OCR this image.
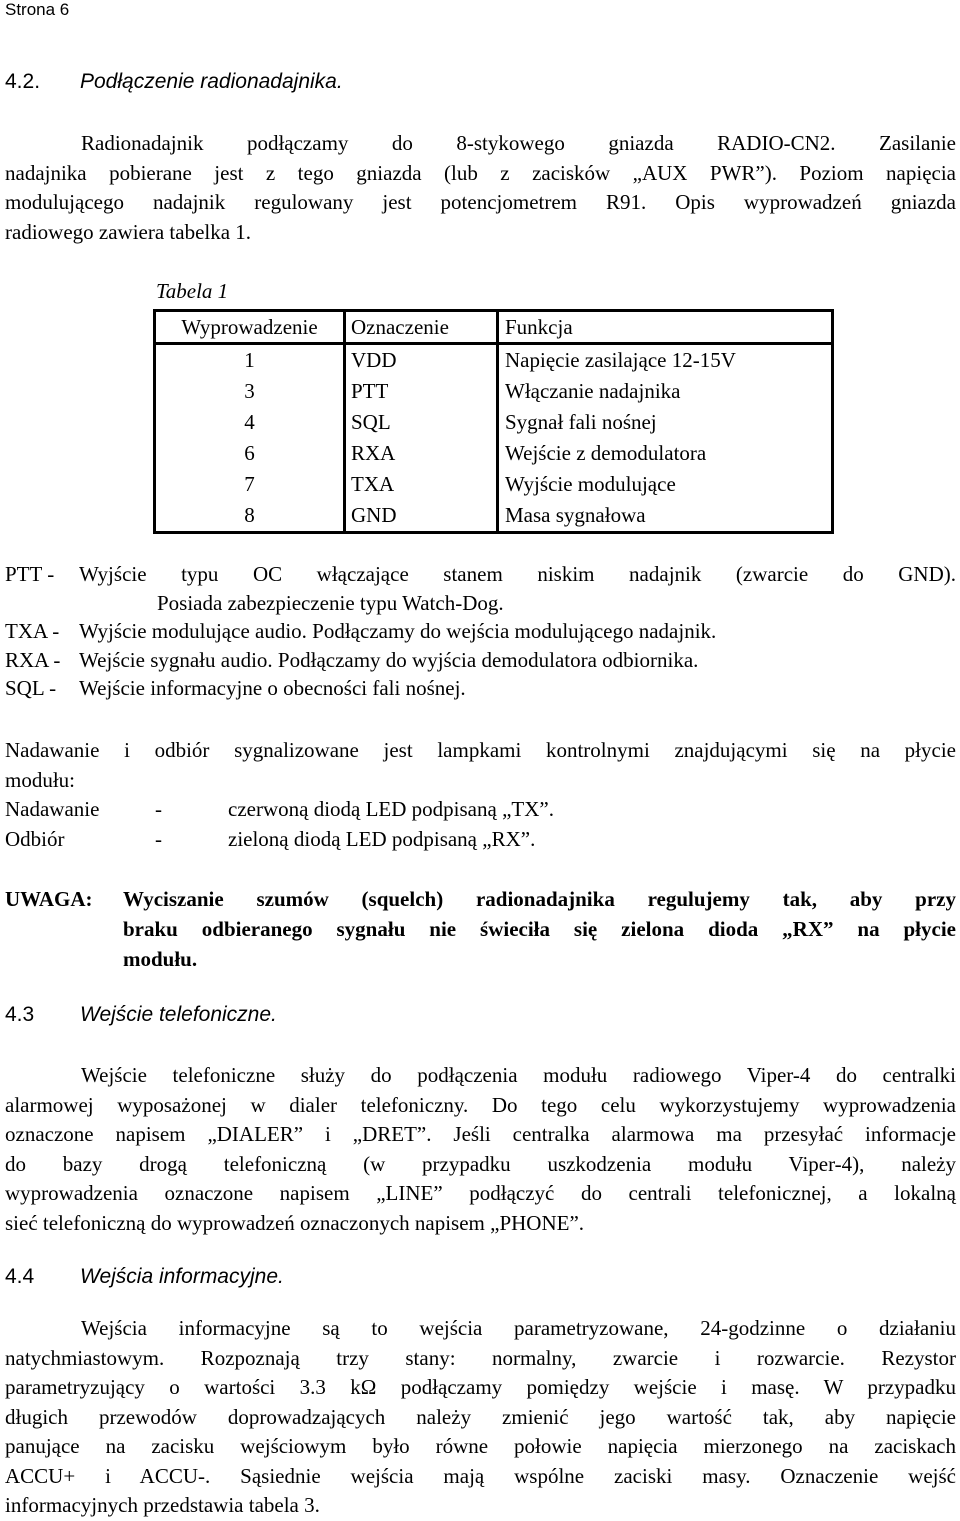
Strona 6
4.2. Podłączenie radionadajnika.
Radionadajnik podłączamy do 8-stykowego gniazda RADIO-CN2. Zasilanie
nadajnika pobierane jest z tego gniazda (lub z zacisków „AUX PWR”). Poziom napięcia
modulującego nadajnik regulowany jest potencjometrem R91. Opis wyprowadzeń gniazda
radiowego zawiera tabelka 1.
Tabela 1
Wyprowadzenie	Oznaczenie	Funkcja
1	VDD	Napięcie zasilające 12-15V
3	PTT	Włączanie nadajnika
4	SQL	Sygnał fali nośnej
6	RXA	Wejście z demodulatora
7	TXA	Wyjście modulujące
8	GND	Masa sygnałowa
PTT -	Wyjście typu OC włączające stanem niskim nadajnik (zwarcie do GND).
Posiada zabezpieczenie typu Watch-Dog.
TXA - Wyjście modulujące audio. Podłączamy do wejścia modulującego nadajnik.
RXA - Wejście sygnału audio. Podłączamy do wyjścia demodulatora odbiornika.
SQL -	Wejście informacyjne o obecności fali nośnej.
Nadawanie i odbiór sygnalizowane jest lampkami kontrolnymi znajdującymi się na płycie
modułu:
Nadawanie	-	czerwoną diodą LED podpisaną „TX”.
Odbiór	-	zieloną diodą LED podpisaną „RX”.
UWAGA:	Wyciszanie szumów (squelch) radionadajnika regulujemy tak, aby przy
braku odbieranego sygnału nie świeciła się zielona dioda „RX” na płycie
modułu.
4.3 Wejście telefoniczne.
Wejście telefoniczne służy do podłączenia modułu radiowego Viper-4 do centralki
alarmowej wyposażonej w dialer telefoniczny. Do tego celu wykorzystujemy wyprowadzenia
oznaczone napisem „DIALER” i „DRET”. Jeśli centralka alarmowa ma przesyłać informacje
do bazy drogą telefoniczną (w przypadku uszkodzenia modułu Viper-4), należy
wyprowadzenia oznaczone napisem „LINE” podłączyć do centrali telefonicznej, a lokalną
sieć telefoniczną do wyprowadzeń oznaczonych napisem „PHONE”.
4.4 Wejścia informacyjne.
Wejścia informacyjne są to wejścia parametryzowane, 24-godzinne o działaniu
natychmiastowym. Rozpoznają trzy stany: normalny, zwarcie i rozwarcie. Rezystor
parametryzujący o wartości 3.3 kΩ podłączamy pomiędzy wejście i masę. W przypadku
długich przewodów doprowadzających należy zmienić jego wartość tak, aby napięcie
panujące na zacisku wejściowym było równe połowie napięcia mierzonego na zaciskach
ACCU+ i ACCU-. Sąsiednie wejścia mają wspólne zaciski masy. Oznaczenie wejść
informacyjnych przedstawia tabela 3.
